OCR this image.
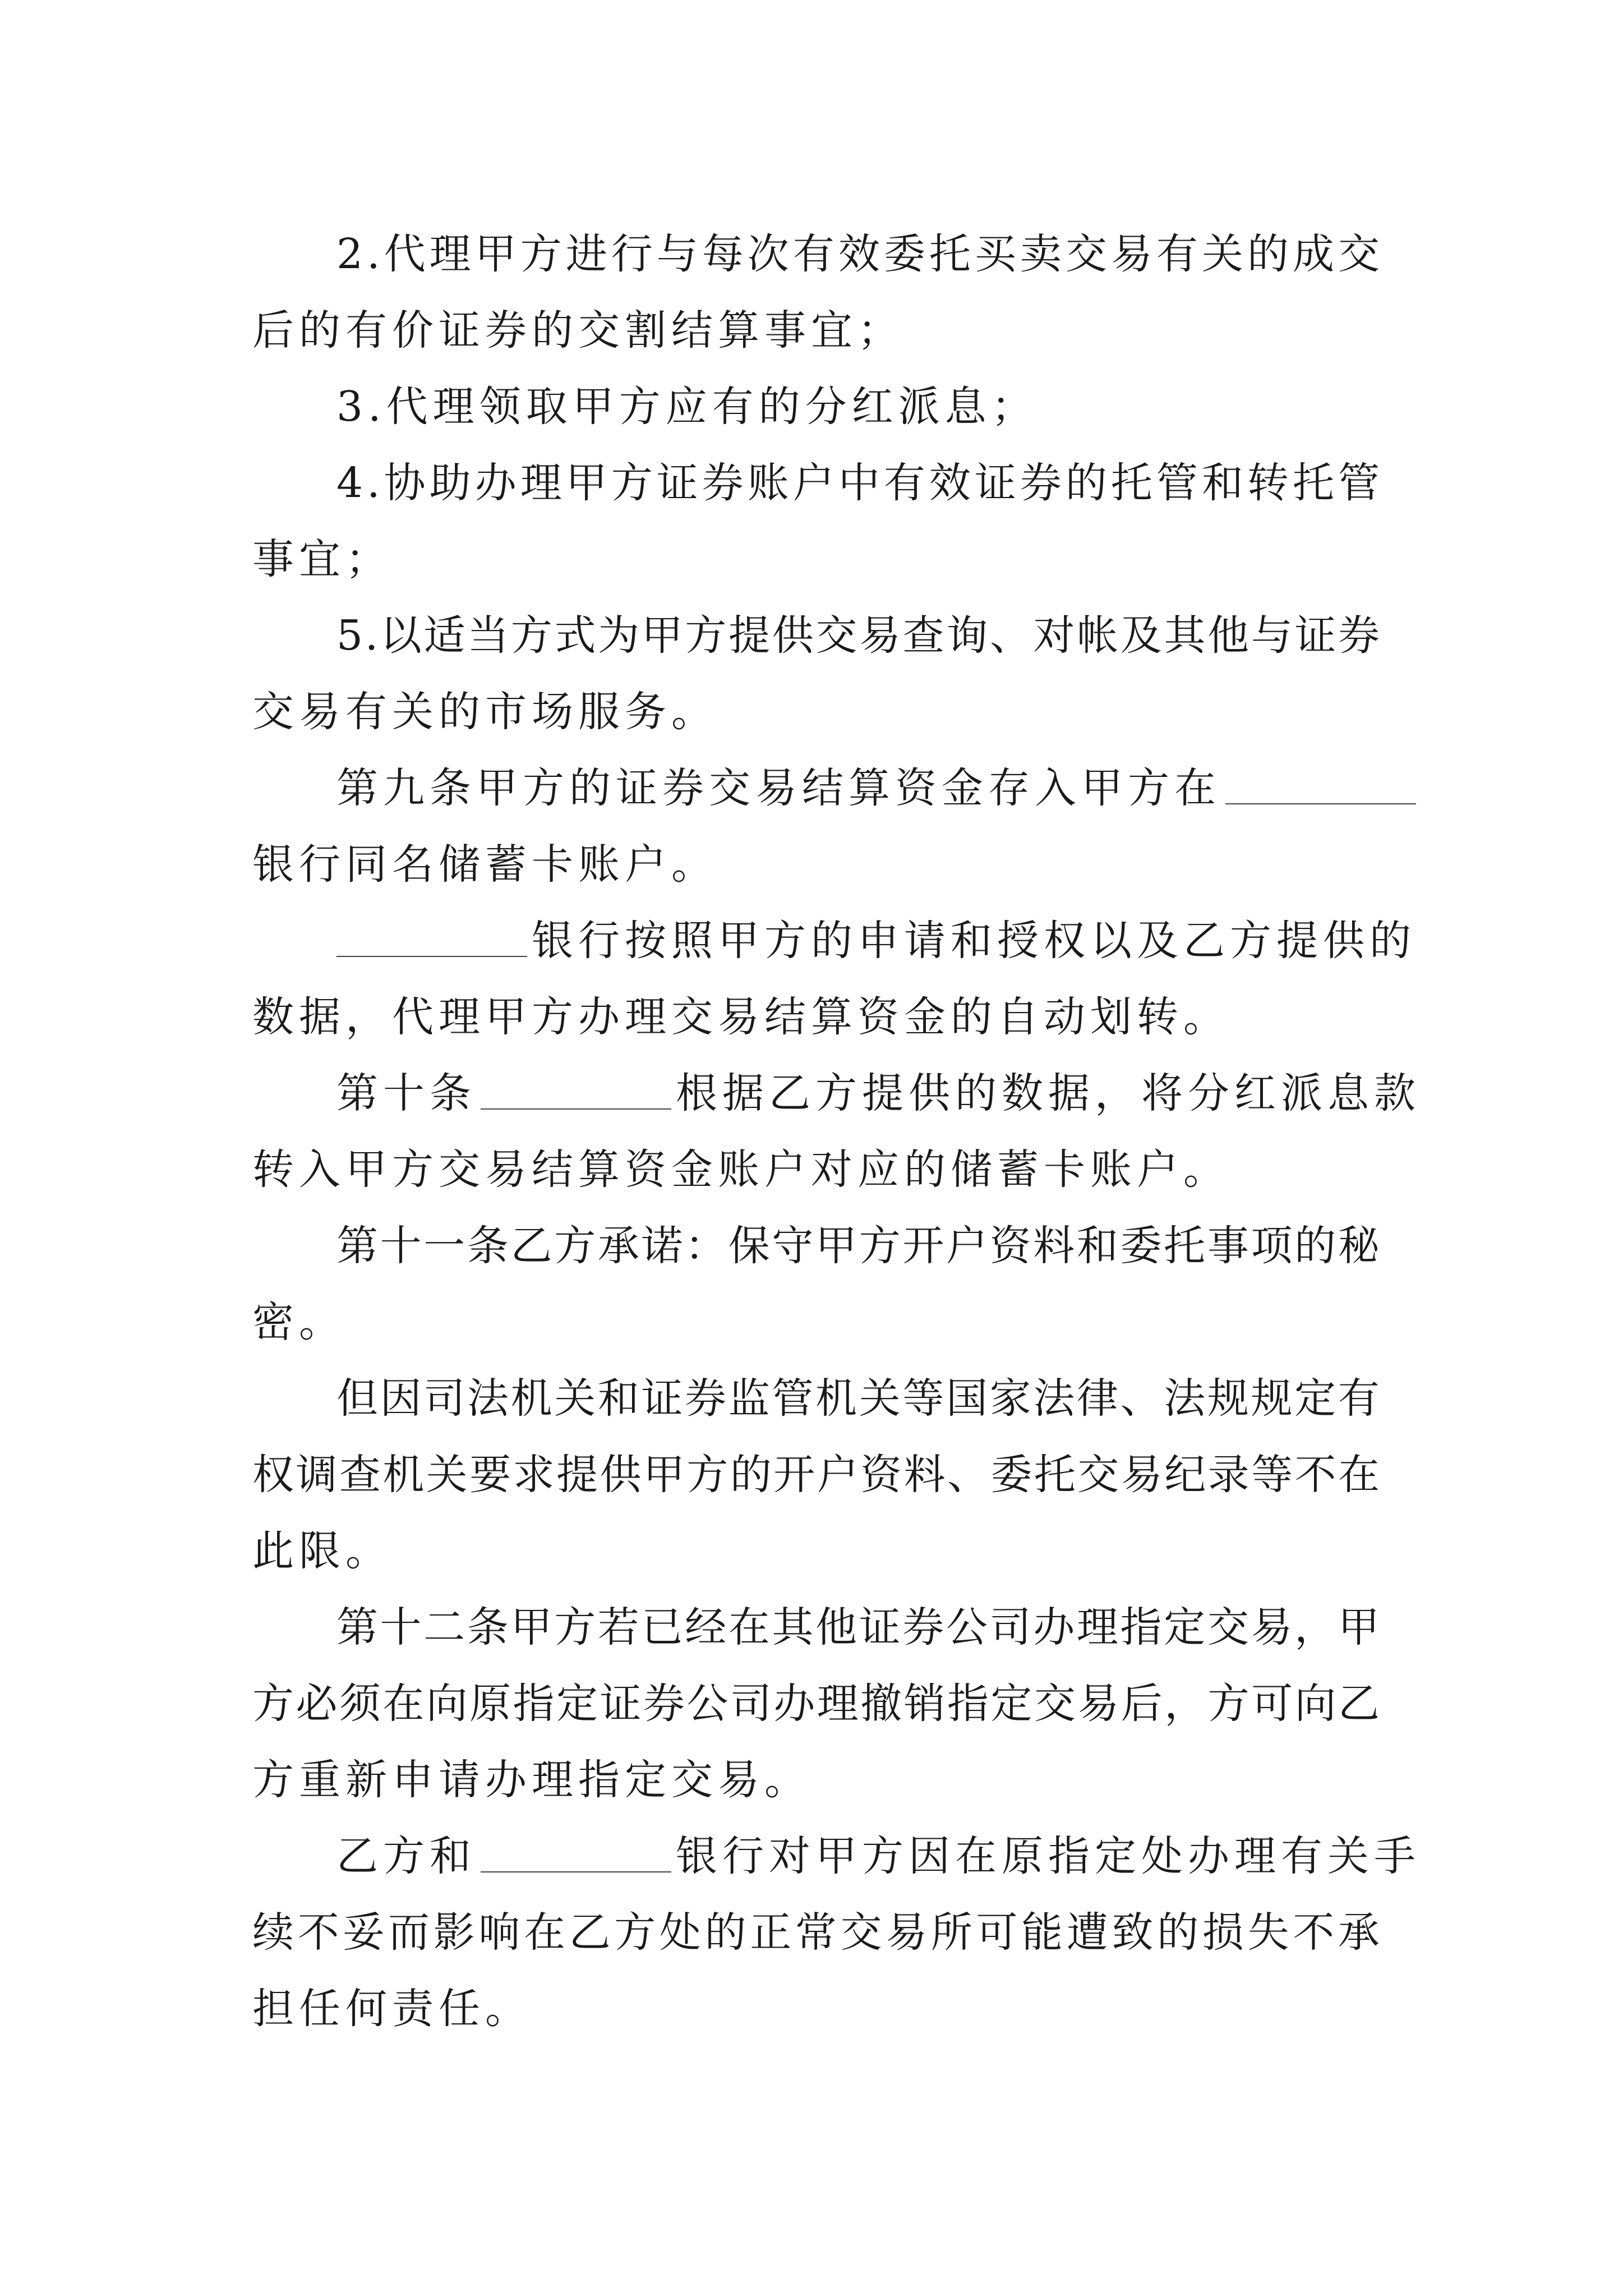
2 . 代 理 甲 方 进 行 与 每 次 有 效 委 托 买 卖 交 易 有 关 的 成 交
后的有价证券的交割结算事宜；
3.代理领取甲方应有的分红派息；
4 . 协 助 办 理 甲 方 证 券 账 户 中 有 效 证 券 的 托 管 和 转 托 管
事宜；
5 . 以 适 当 方 式 为 甲 方 提 供 交 易 查 询 、 对 帐 及 其 他 与 证 券
交易有关的市场服务。
第九条甲方的证券交易结算资金存入甲方在
银行同名储蓄卡账户。
银行按照甲方的申请和授权以及乙方提供的
数据，代理甲方办理交易结算资金的自动划转。
第十条	根据乙方提供的数据，将分红派息款
转入甲方交易结算资金账户对应的储蓄卡账户。
第 十 一 条 乙 方 承 诺 ： 保 守 甲 方 开 户 资 料 和 委 托 事 项 的 秘
密。
但 因 司 法 机 关 和 证 券 监 管 机 关 等 国 家 法 律 、 法 规 规 定 有
权 调 查 机 关 要 求 提 供 甲 方 的 开 户 资 料 、 委 托 交 易 纪 录 等 不 在
此限。
第 十 二 条 甲 方 若 已 经 在 其 他 证 券 公 司 办 理 指 定 交 易 ， 甲
方 必 须 在 向 原 指 定 证 券 公 司 办 理 撤 销 指 定 交 易 后 ， 方 可 向 乙
方重新申请办理指定交易。
乙方和	银行对甲方因在原指定处办理有关手
续 不 妥 而 影 响 在 乙 方 处 的 正 常 交 易 所 可 能 遭 致 的 损 失 不 承
担任何责任。
